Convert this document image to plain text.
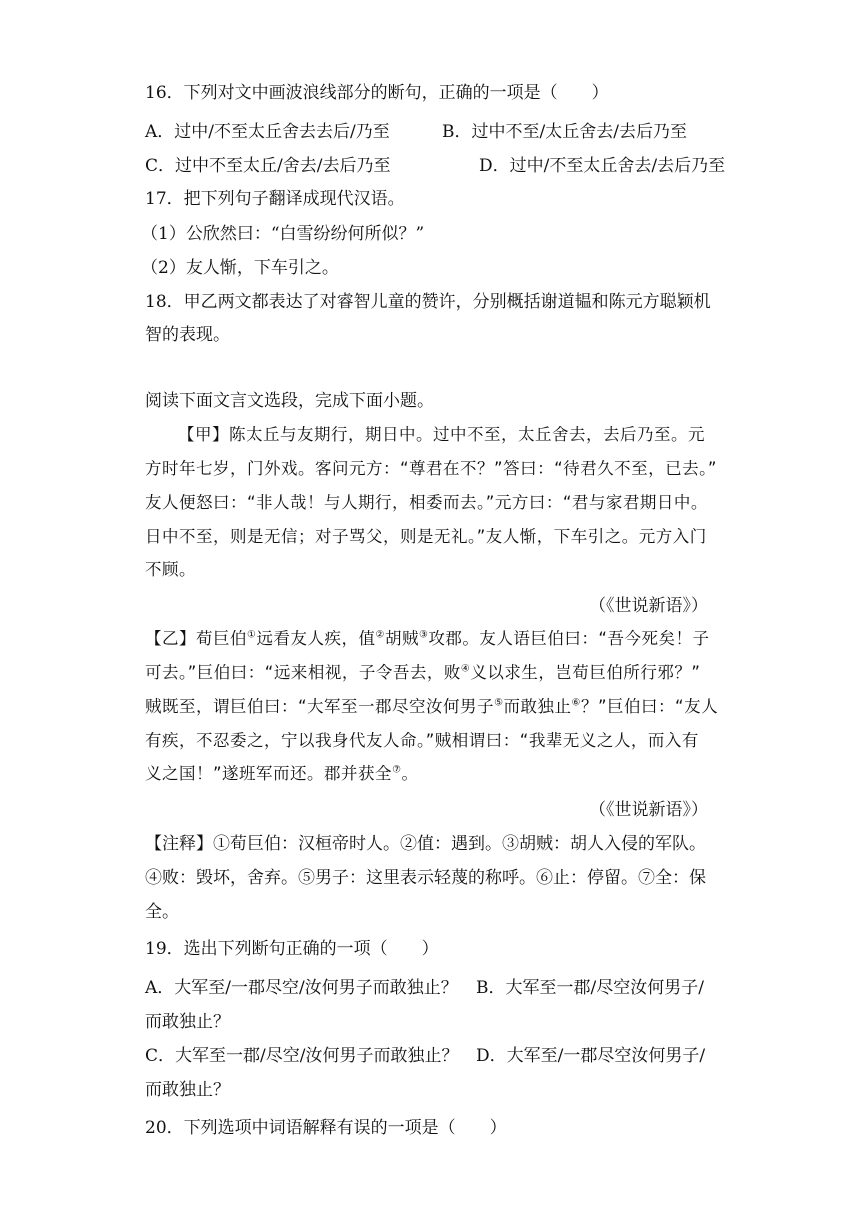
16．下列对文中画波浪线部分的断句，正确的一项是（　　）
A．过中/不至太丘舍去去后/乃至	B．过中不至/太丘舍去/去后乃至
C．过中不至太丘/舍去/去后乃至	D．过中/不至太丘舍去/去后乃至
17．把下列句子翻译成现代汉语。
（1）公欣然曰：“白雪纷纷何所似？”
（2）友人惭，下车引之。
18．甲乙两文都表达了对睿智儿童的赞许，分别概括谢道韫和陈元方聪颖机
智的表现。
阅读下面文言文选段，完成下面小题。
【甲】陈太丘与友期行，期日中。过中不至，太丘舍去，去后乃至。元
方时年七岁，门外戏。客问元方：“尊君在不？”答曰：“待君久不至，已去。”
友人便怒曰：“非人哉！与人期行，相委而去。”元方曰：“君与家君期日中。
日中不至，则是无信；对子骂父，则是无礼。”友人惭，下车引之。元方入门
不顾。
（《世说新语》）
【乙】荀巨伯①远看友人疾，值②胡贼③攻郡。友人语巨伯曰：“吾今死矣！子
可去。”巨伯曰：“远来相视，子令吾去，败④义以求生，岂荀巨伯所行邪？”
贼既至，谓巨伯曰：“大军至一郡尽空汝何男子⑤而敢独止⑥？”巨伯曰：“友人
有疾，不忍委之，宁以我身代友人命。”贼相谓曰：“我辈无义之人，而入有
义之国！”遂班军而还。郡并获全⑦。
（《世说新语》）
【注释】①荀巨伯：汉桓帝时人。②值：遇到。③胡贼：胡人入侵的军队。
④败：毁坏，舍弃。⑤男子：这里表示轻蔑的称呼。⑥止：停留。⑦全：保
全。
19．选出下列断句正确的一项（　　）
A．大军至/一郡尽空/汝何男子而敢独止？ B．大军至一郡/尽空汝何男子/
而敢独止？
C．大军至一郡/尽空/汝何男子而敢独止？ D．大军至/一郡尽空汝何男子/
而敢独止？
20．下列选项中词语解释有误的一项是（　　）
